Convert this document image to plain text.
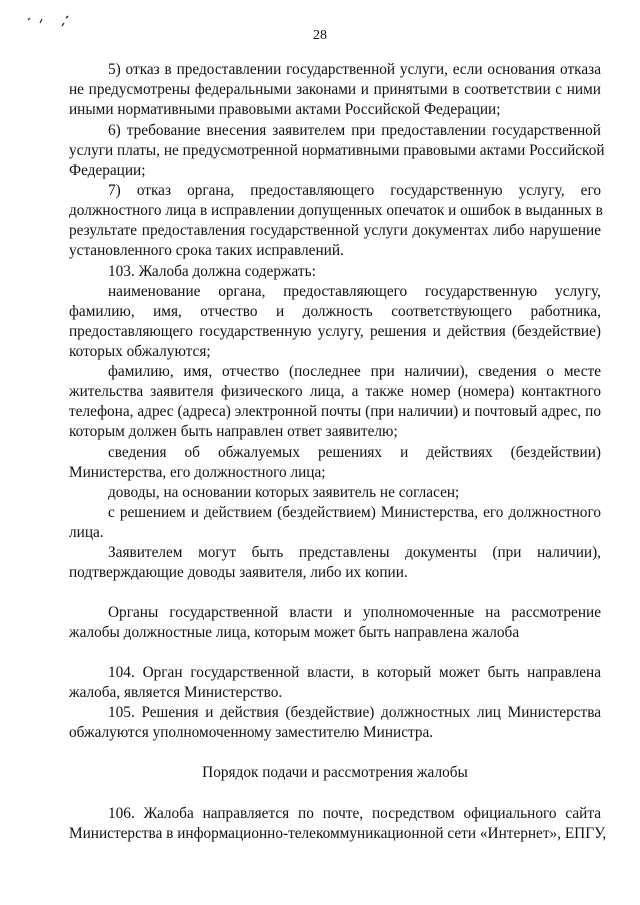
28
5) отказ в предоставлении государственной услуги, если основания отказа
не предусмотрены федеральными законами и принятыми в соответствии с ними
иными нормативными правовыми актами Российской Федерации;
6) требование внесения заявителем при предоставлении государственной
услуги платы, не предусмотренной нормативными правовыми актами Российской
Федерации;
7) отказ органа, предоставляющего государственную услугу, его
должностного лица в исправлении допущенных опечаток и ошибок в выданных в
результате предоставления государственной услуги документах либо нарушение
установленного срока таких исправлений.
103. Жалоба должна содержать:
наименование органа, предоставляющего государственную услугу,
фамилию, имя, отчество и должность соответствующего работника,
предоставляющего государственную услугу, решения и действия (бездействие)
которых обжалуются;
фамилию, имя, отчество (последнее при наличии), сведения о месте
жительства заявителя физического лица, а также номер (номера) контактного
телефона, адрес (адреса) электронной почты (при наличии) и почтовый адрес, по
которым должен быть направлен ответ заявителю;
сведения об обжалуемых решениях и действиях (бездействии)
Министерства, его должностного лица;
доводы, на основании которых заявитель не согласен;
с решением и действием (бездействием) Министерства, его должностного
лица.
Заявителем могут быть представлены документы (при наличии),
подтверждающие доводы заявителя, либо их копии.
Органы государственной власти и уполномоченные на рассмотрение
жалобы должностные лица, которым может быть направлена жалоба
104. Орган государственной власти, в который может быть направлена
жалоба, является Министерство.
105. Решения и действия (бездействие) должностных лиц Министерства
обжалуются уполномоченному заместителю Министра.
Порядок подачи и рассмотрения жалобы
106. Жалоба направляется по почте, посредством официального сайта
Министерства в информационно-телекоммуникационной сети «Интернет», ЕПГУ,
